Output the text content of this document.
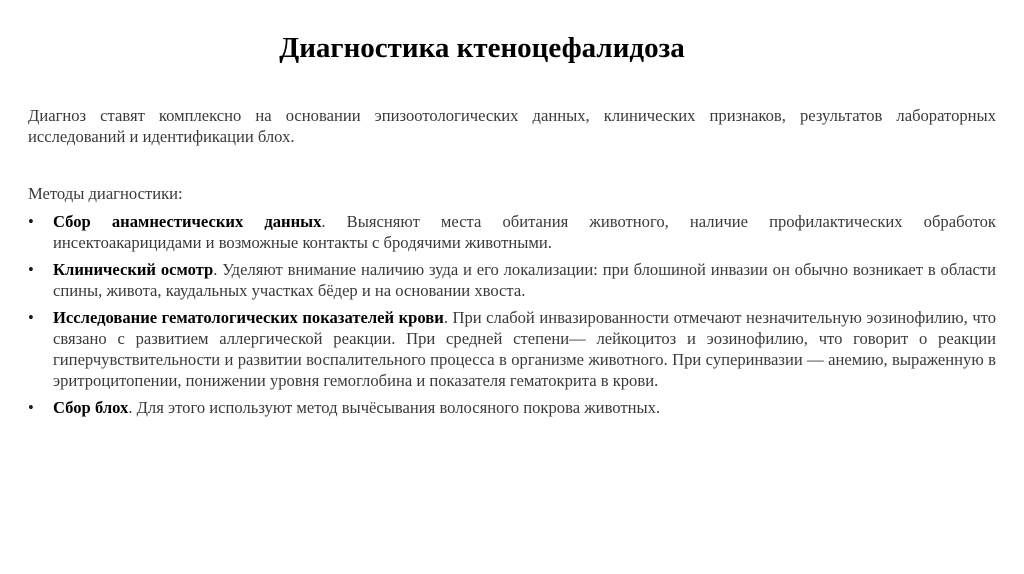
Диагностика ктеноцефалидоза

Диагноз ставят комплексно на основании эпизоотологических данных, клинических признаков, результатов лабораторных исследований и идентификации блох.

Методы диагностики:
• Сбор анамнестических данных. Выясняют места обитания животного, наличие профилактических обработок инсектоакарицидами и возможные контакты с бродячими животными.
• Клинический осмотр. Уделяют внимание наличию зуда и его локализации: при блошиной инвазии он обычно возникает в области спины, живота, каудальных участках бёдер и на основании хвоста.
• Исследование гематологических показателей крови. При слабой инвазированности отмечают незначительную эозинофилию, что связано с развитием аллергической реакции. При средней степени— лейкоцитоз и эозинофилию, что говорит о реакции гиперчувствительности и развитии воспалительного процесса в организме животного. При суперинвазии — анемию, выраженную в эритроцитопении, понижении уровня гемоглобина и показателя гематокрита в крови.
• Сбор блох. Для этого используют метод вычёсывания волосяного покрова животных.
